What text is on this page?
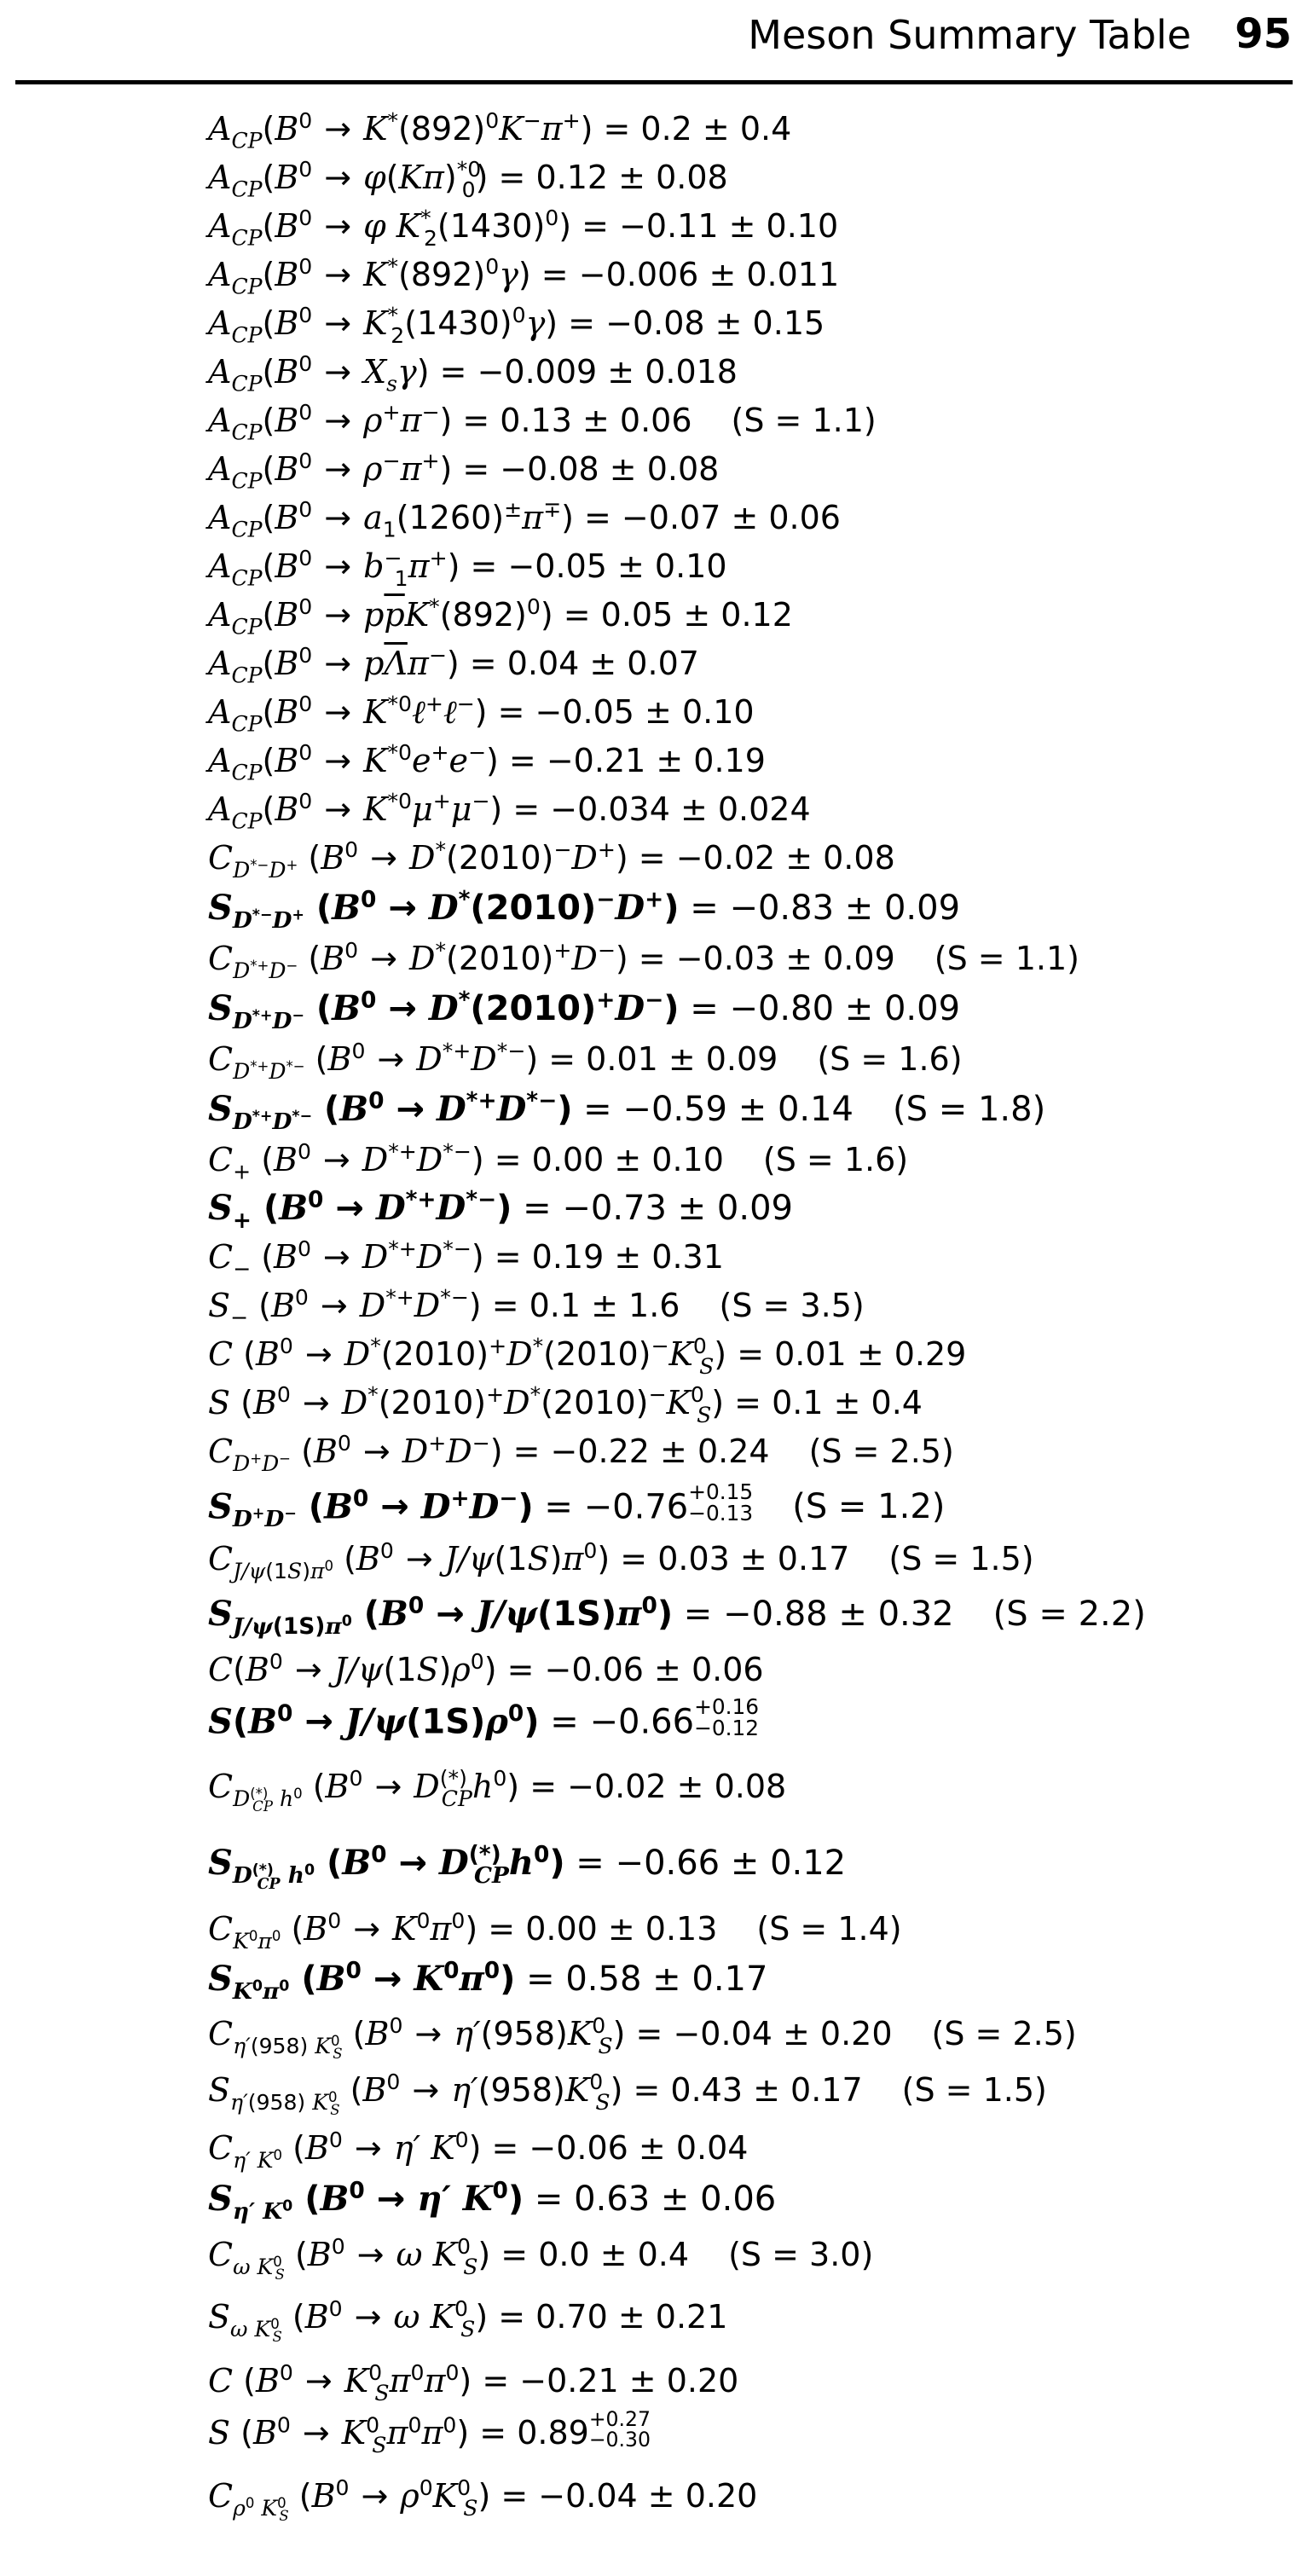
Meson Summary Table 95
$A_{CP}(B^0 \to K^*(892)^0K^-\pi^+) = 0.2 \pm 0.4$
$A_{CP}(B^0 \to \varphi(K\pi)^{*0}_0) = 0.12 \pm 0.08$
$A_{CP}(B^0 \to \varphi$ $K^*_2(1430)^0) = -0.11 \pm 0.10$
$A_{CP}(B^0 \to K^*(892)^0\gamma) = -0.006 \pm 0.011$
$A_{CP}(B^0 \to K^*_2(1430)^0\gamma) = -0.08 \pm 0.15$
$A_{CP}(B^0 \to X_s\gamma) = -0.009 \pm 0.018$
$A_{CP}(B^0 \to \rho^+\pi^-) = 0.13 \pm 0.06$ (S = 1.1)
$A_{CP}(B^0 \to \rho^-\pi^+) = -0.08 \pm 0.08$
$A_{CP}(B^0 \to a_1(1260)^\pm\pi^\mp) = -0.07 \pm 0.06$
$A_{CP}(B^0 \to b^-_1\pi^+) = -0.05 \pm 0.10$
$A_{CP}(B^0 \to p\overline{p}K^*(892)^0) = 0.05 \pm 0.12$
$A_{CP}(B^0 \to p\overline{\Lambda}\pi^-) = 0.04 \pm 0.07$
$A_{CP}(B^0$ → $K^{*0}\ell^+\ell^-) = -0.05 \pm 0.10$
$A_{CP}(B^0 \to K^{*0}e^+e^-) = -0.21 \pm 0.19$
$A_{CP}(B^0 \to K^{*0}\mu^+\mu^-) = -0.034 \pm 0.024$
$C_{D^{*-}D^+}$ $(B^0 \to D^*(2010)^-D^+) = -0.02 \pm 0.08$
$S_{D^{*-}D^+}$ $(B^0 \to D^*(2010)^-D^+) = -0.83 \pm 0.09$
$C_{D^{*+}D^-}$ $(B^0 \to D^*(2010)^+D^-) = -0.03 \pm 0.09$ (S = 1.1)
$S_{D^{*+}D^-}$ $(B^0 \to D^*(2010)^+D^-) = -0.80 \pm 0.09$
$C_{D^{*+}D^{*-}}$ $(B^0 \to D^{*+}D^{*-}) = 0.01 \pm 0.09$ (S = 1.6)
$S_{D^{*+}D^{*-}}$ $(B^0 \to D^{*+}D^{*-}) = -0.59 \pm 0.14$ (S = 1.8)
$C_+$ $(B^0 \to D^{*+}D^{*-}) = 0.00 \pm 0.10$ (S = 1.6)
$S_+$ $(B^0 \to D^{*+}D^{*-}) = -0.73 \pm 0.09$
$C_-$ $(B^0 \to D^{*+}D^{*-}) = 0.19 \pm 0.31$
$S_-$ $(B^0 \to D^{*+}D^{*-}) = 0.1 \pm 1.6$ (S = 3.5)
C $(B^0 \to D^*(2010)^+D^*(2010)^-K^0_S) = 0.01 \pm 0.29$
S $(B^0 \to D^*(2010)^+D^*(2010)^-K^0_S) = 0.1 \pm 0.4$
$C_{D^+D^-}$ $(B^0 \to D^+D^-) = -0.22 \pm 0.24$ (S = 2.5)
$S_{D^+D^-}$ $(B^0 \to D^+D^-) = -0.76 +0.15$
−0.13 (S = 1.2)
$C_{J/\psi(1S)\pi^0}$ $(B^0 \to J/\psi(1S)\pi^0) = 0.03 \pm 0.17$ (S = 1.5)
$S_{J/\psi(1S)\pi^0}$ $(B^0 \to J/\psi(1S)\pi^0) = -0.88 \pm 0.32$ (S = 2.2)
$C(B^0 \to J/\psi(1S)\rho^0) = -0.06 \pm 0.06$
$S(B^0 \to J/\psi(1S)\rho^0) = -0.66 +0.16$
−0.12
$C_{D^{(*)}_{CP} h^0}$ $(B^0 \to D^{(*)}_{CP}h^0) = -0.02 \pm 0.08$
$S_{D^{(*)}_{CP} h^0}$ $(B^0 \to D^{(*)}_{CP}h^0) = -0.66 \pm 0.12$
$C_{K^0\pi^0}$ $(B^0 \to K^0\pi^0) = 0.00 \pm 0.13$ (S = 1.4)
$S_{K^0\pi^0}$ $(B^0 \to K^0\pi^0) = 0.58 \pm 0.17$
$C_{\eta'(958) K^0_S}$ $(B^0 \to \eta'(958)K^0_S) = -0.04 \pm 0.20$ (S = 2.5)
$S_{\eta'(958) K^0_S}$ $(B^0 \to \eta'(958)K^0_S) = 0.43 \pm 0.17$ (S = 1.5)
$C_{\eta' K^0}$ ($B^0 \to \eta'$ $K^0) = -0.06 \pm 0.04$
$S_{\eta' K^0}$ ($B^0 \to \eta'$ $K^0) = 0.63 \pm 0.06$
$C_{\omega K^0_S}$ ($B^0 \to \omega$ $K^0_S) = 0.0 \pm 0.4$ (S = 3.0)
$S_{\omega K^0_S}$ ($B^0 \to \omega$ $K^0_S) = 0.70 \pm 0.21$
C $(B^0 \to K^0_S\pi^0\pi^0) = -0.21 \pm 0.20$
S $(B^0 \to K^0_S\pi^0\pi^0) = 0.89 +0.27$
−0.30
$C_{\rho^0 K^0_S}$ $(B^0 \to \rho^0K^0_S) = -0.04 \pm 0.20$
